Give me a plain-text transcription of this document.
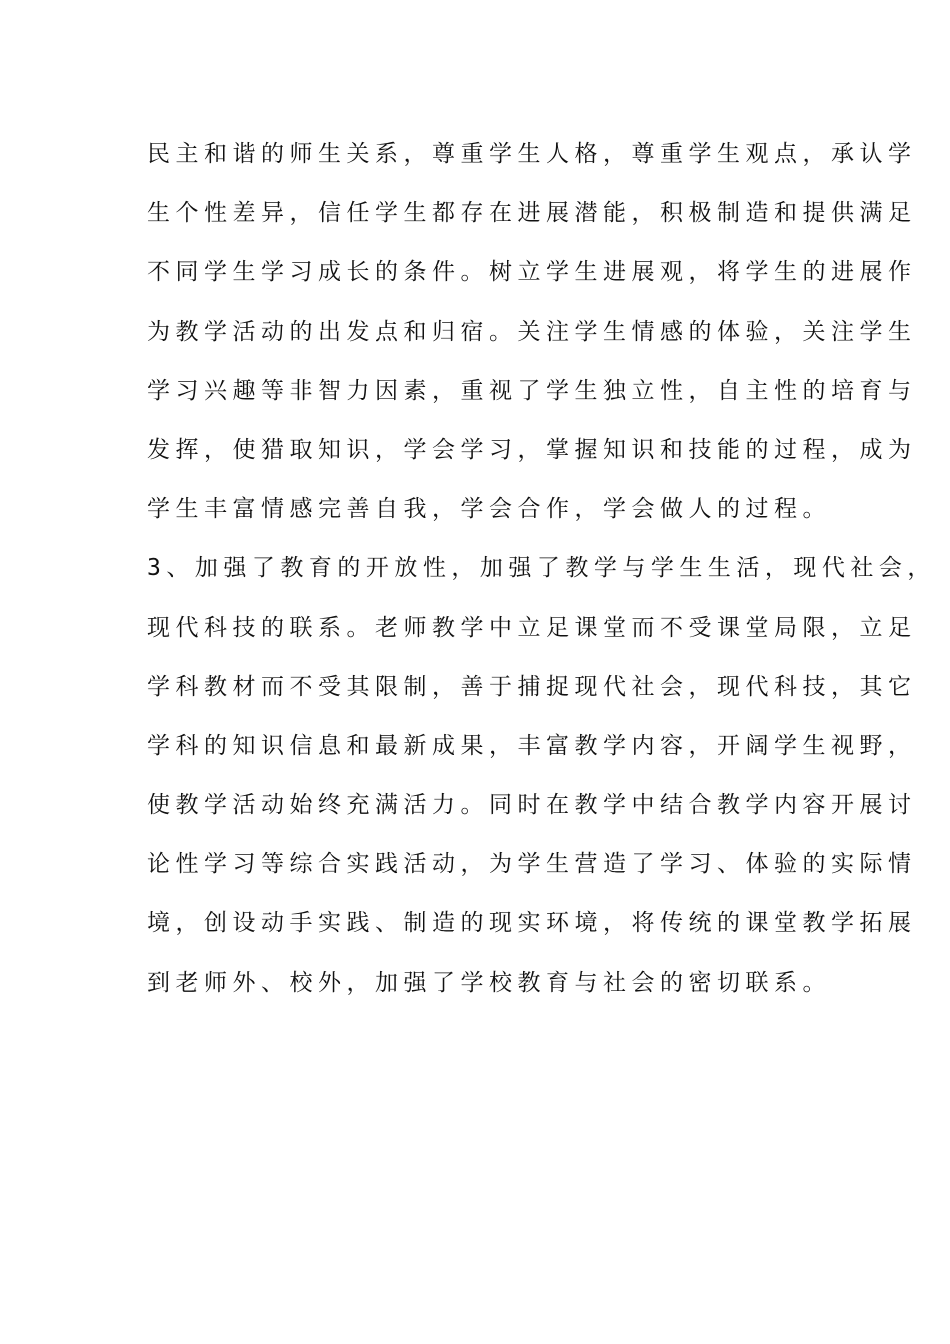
民主和谐的师生关系，尊重学生人格，尊重学生观点，承认学
生个性差异，信任学生都存在进展潜能，积极制造和提供满足
不同学生学习成长的条件。树立学生进展观，将学生的进展作
为教学活动的出发点和归宿。关注学生情感的体验，关注学生
学习兴趣等非智力因素，重视了学生独立性，自主性的培育与
发挥，使猎取知识，学会学习，掌握知识和技能的过程，成为
学生丰富情感完善自我，学会合作，学会做人的过程。
3、加强了教育的开放性，加强了教学与学生生活，现代社会，
现代科技的联系。老师教学中立足课堂而不受课堂局限，立足
学科教材而不受其限制，善于捕捉现代社会，现代科技，其它
学科的知识信息和最新成果，丰富教学内容，开阔学生视野，
使教学活动始终充满活力。同时在教学中结合教学内容开展讨
论性学习等综合实践活动，为学生营造了学习、体验的实际情
境，创设动手实践、制造的现实环境，将传统的课堂教学拓展
到老师外、校外，加强了学校教育与社会的密切联系。
